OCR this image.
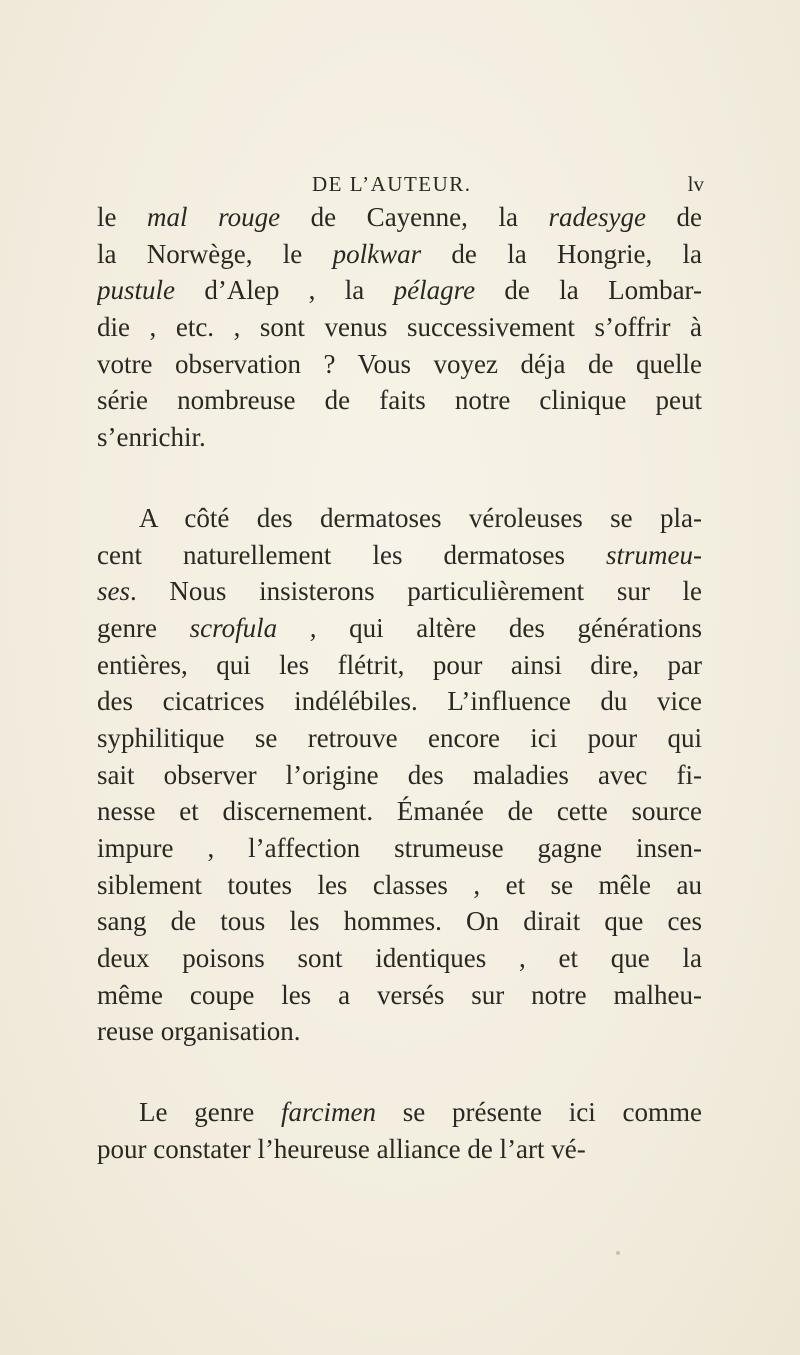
DE L’AUTEUR.	lv
le mal rouge de Cayenne, la radesyge de
la Norwège, le polkwar de la Hongrie, la
pustule d’Alep , la pélagre de la Lombar-
die , etc. , sont venus successivement s’offrir à
votre observation ? Vous voyez déja de quelle
série nombreuse de faits notre clinique peut
s’enrichir.
A côté des dermatoses véroleuses se pla-
cent naturellement les dermatoses strumeu-
ses. Nous insisterons particulièrement sur le
genre scrofula , qui altère des générations
entières, qui les flétrit, pour ainsi dire, par
des cicatrices indélébiles. L’influence du vice
syphilitique se retrouve encore ici pour qui
sait observer l’origine des maladies avec fi-
nesse et discernement. Émanée de cette source
impure , l’affection strumeuse gagne insen-
siblement toutes les classes , et se mêle au
sang de tous les hommes. On dirait que ces
deux poisons sont identiques , et que la
même coupe les a versés sur notre malheu-
reuse organisation.
Le genre farcimen se présente ici comme
pour constater l’heureuse alliance de l’art vé-
